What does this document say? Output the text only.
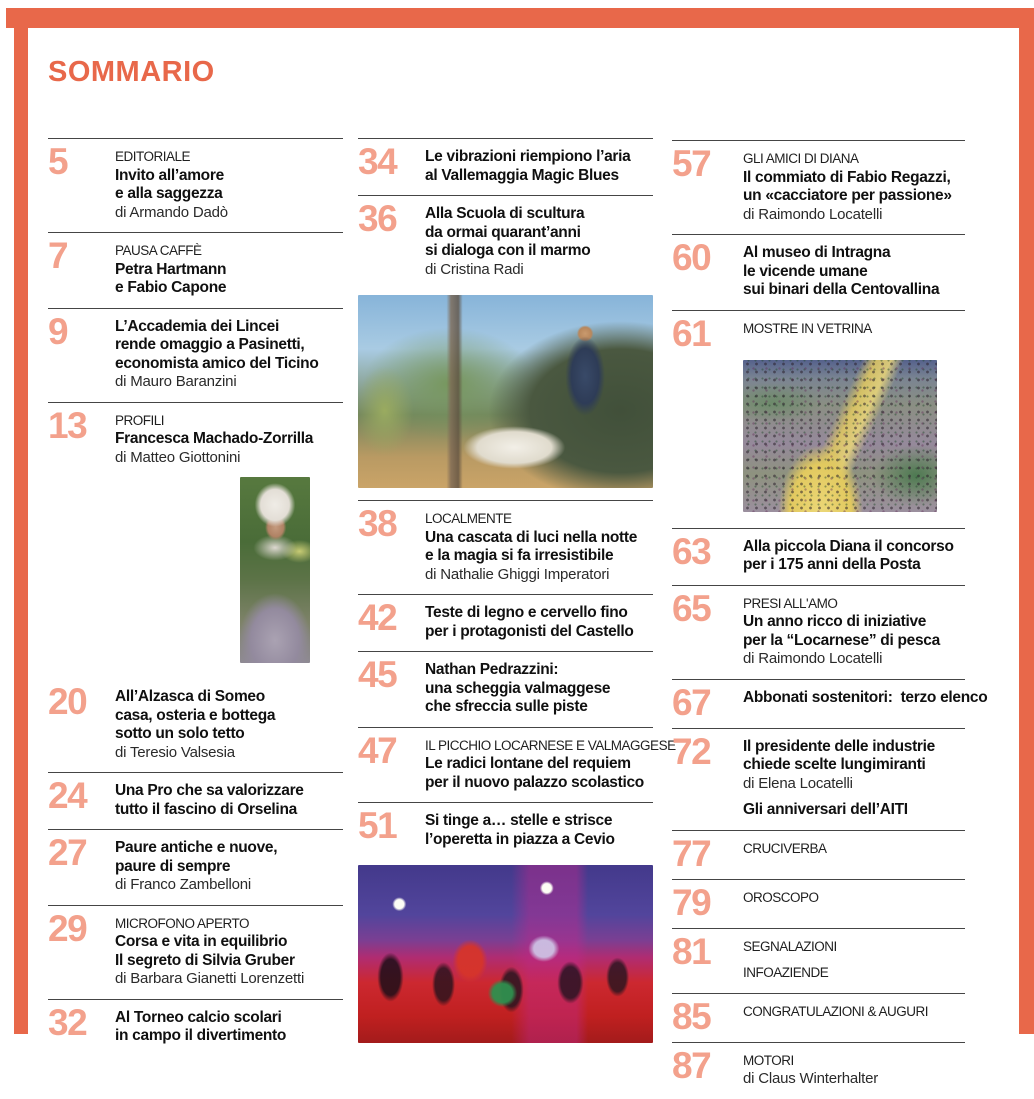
SOMMARIO
5	EDITORIALE
Invito all’amore
e alla saggezza
di Armando Dadò
7	PAUSA CAFFÈ
Petra Hartmann
e Fabio Capone
9	L’Accademia dei Lincei
rende omaggio a Pasinetti,
economista amico del Ticino
di Mauro Baranzini
13	PROFILI
Francesca Machado-Zorrilla
di Matteo Giottonini
20	All’Alzasca di Someo
casa, osteria e bottega
sotto un solo tetto
di Teresio Valsesia
24	Una Pro che sa valorizzare
tutto il fascino di Orselina
27	Paure antiche e nuove,
paure di sempre
di Franco Zambelloni
29	MICROFONO APERTO
Corsa e vita in equilibrio
Il segreto di Silvia Gruber
di Barbara Gianetti Lorenzetti
32	Al Torneo calcio scolari
in campo il divertimento
34	Le vibrazioni riempiono l’aria
al Vallemaggia Magic Blues
36	Alla Scuola di scultura
da ormai quarant’anni
si dialoga con il marmo
di Cristina Radi
38	LOCALMENTE
Una cascata di luci nella notte
e la magia si fa irresistibile
di Nathalie Ghiggi Imperatori
42	Teste di legno e cervello fino
per i protagonisti del Castello
45	Nathan Pedrazzini:
una scheggia valmaggese
che sfreccia sulle piste
47	IL PICCHIO LOCARNESE E VALMAGGESE
Le radici lontane del requiem
per il nuovo palazzo scolastico
51	Si tinge a… stelle e strisce
l’operetta in piazza a Cevio
57	GLI AMICI DI DIANA
Il commiato di Fabio Regazzi,
un «cacciatore per passione»
di Raimondo Locatelli
60	Al museo di Intragna
le vicende umane
sui binari della Centovallina
61	MOSTRE IN VETRINA
63	Alla piccola Diana il concorso
per i 175 anni della Posta
65	PRESI ALL'AMO
Un anno ricco di iniziative
per la “Locarnese” di pesca
di Raimondo Locatelli
67	Abbonati sostenitori:  terzo elenco
72	Il presidente delle industrie
chiede scelte lungimiranti
di Elena Locatelli
Gli anniversari dell’AITI
77	CRUCIVERBA
79	OROSCOPO
81	SEGNALAZIONI
INFOAZIENDE
85	CONGRATULAZIONI & AUGURI
87	MOTORI
di Claus Winterhalter
